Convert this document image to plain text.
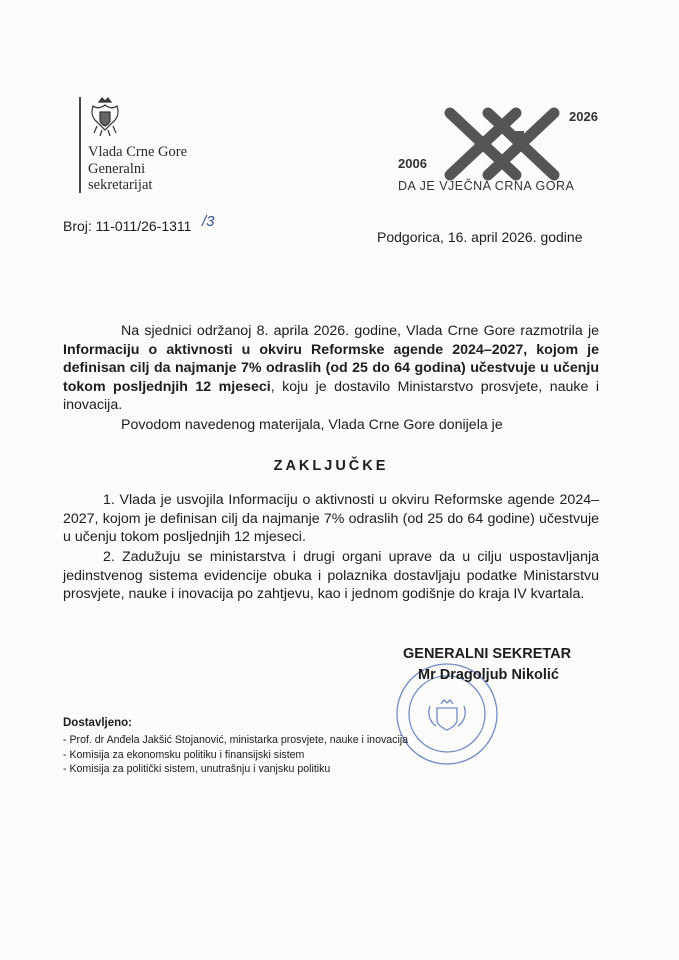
Vlada Crne Gore
Generalni
sekretarijat
2026
2006
DA JE VJEČNA CRNA GORA
Broj: 11-011/26-1311 /3
Podgorica, 16. april 2026. godine
Na sjednici održanoj 8. aprila 2026. godine, Vlada Crne Gore razmotrila je Informaciju o aktivnosti u okviru Reformske agende 2024–2027, kojom je definisan cilj da najmanje 7% odraslih (od 25 do 64 godina) učestvuje u učenju tokom posljednjih 12 mjeseci, koju je dostavilo Ministarstvo prosvjete, nauke i inovacija.
Povodom navedenog materijala, Vlada Crne Gore donijela je
ZAKLJUČKE
1. Vlada je usvojila Informaciju o aktivnosti u okviru Reformske agende 2024–2027, kojom je definisan cilj da najmanje 7% odraslih (od 25 do 64 godine) učestvuje u učenju tokom posljednjih 12 mjeseci.
2. Zadužuju se ministarstva i drugi organi uprave da u cilju uspostavljanja jedinstvenog sistema evidencije obuka i polaznika dostavljaju podatke Ministarstvu prosvjete, nauke i inovacija po zahtjevu, kao i jednom godišnje do kraja IV kvartala.
GENERALNI SEKRETAR
Mr Dragoljub Nikolić
Dostavljeno:
- Prof. dr Anđela Jakšić Stojanović, ministarka prosvjete, nauke i inovacija
- Komisija za ekonomsku politiku i finansijski sistem
- Komisija za politički sistem, unutrašnju i vanjsku politiku
